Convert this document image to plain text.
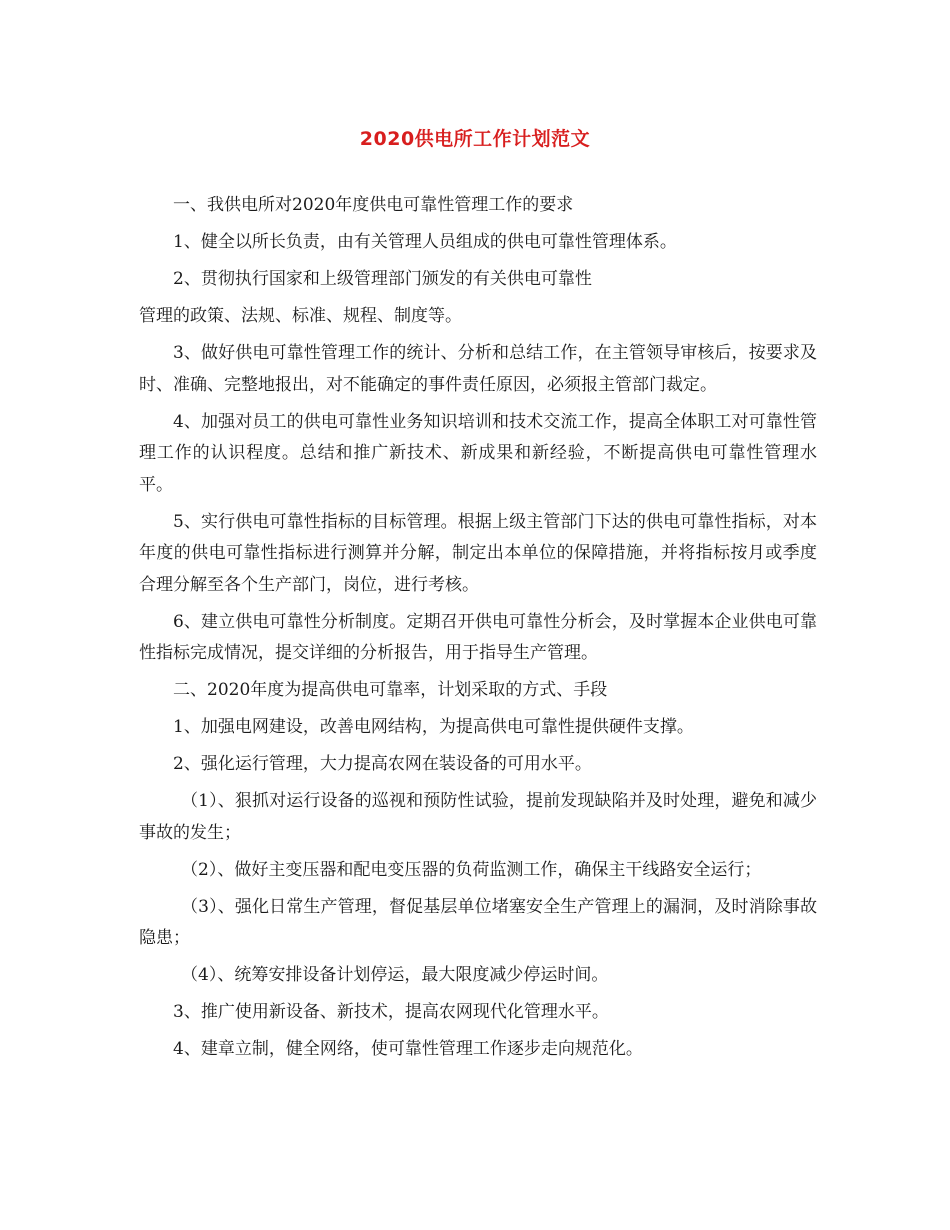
2020供电所工作计划范文

一、我供电所对2020年度供电可靠性管理工作的要求

1、健全以所长负责，由有关管理人员组成的供电可靠性管理体系。

2、贯彻执行国家和上级管理部门颁发的有关供电可靠性

管理的政策、法规、标准、规程、制度等。

3、做好供电可靠性管理工作的统计、分析和总结工作，在主管领导审核后，按要求及时、准确、完整地报出，对不能确定的事件责任原因，必须报主管部门裁定。

4、加强对员工的供电可靠性业务知识培训和技术交流工作，提高全体职工对可靠性管理工作的认识程度。总结和推广新技术、新成果和新经验，不断提高供电可靠性管理水平。

5、实行供电可靠性指标的目标管理。根据上级主管部门下达的供电可靠性指标，对本年度的供电可靠性指标进行测算并分解，制定出本单位的保障措施，并将指标按月或季度合理分解至各个生产部门，岗位，进行考核。

6、建立供电可靠性分析制度。定期召开供电可靠性分析会，及时掌握本企业供电可靠性指标完成情况，提交详细的分析报告，用于指导生产管理。

二、2020年度为提高供电可靠率，计划采取的方式、手段

1、加强电网建设，改善电网结构，为提高供电可靠性提供硬件支撑。

2、强化运行管理，大力提高农网在装设备的可用水平。

（1）、狠抓对运行设备的巡视和预防性试验，提前发现缺陷并及时处理，避免和减少事故的发生；

（2）、做好主变压器和配电变压器的负荷监测工作，确保主干线路安全运行；

（3）、强化日常生产管理，督促基层单位堵塞安全生产管理上的漏洞，及时消除事故隐患；

（4）、统筹安排设备计划停运，最大限度减少停运时间。

3、推广使用新设备、新技术，提高农网现代化管理水平。

4、建章立制，健全网络，使可靠性管理工作逐步走向规范化。
